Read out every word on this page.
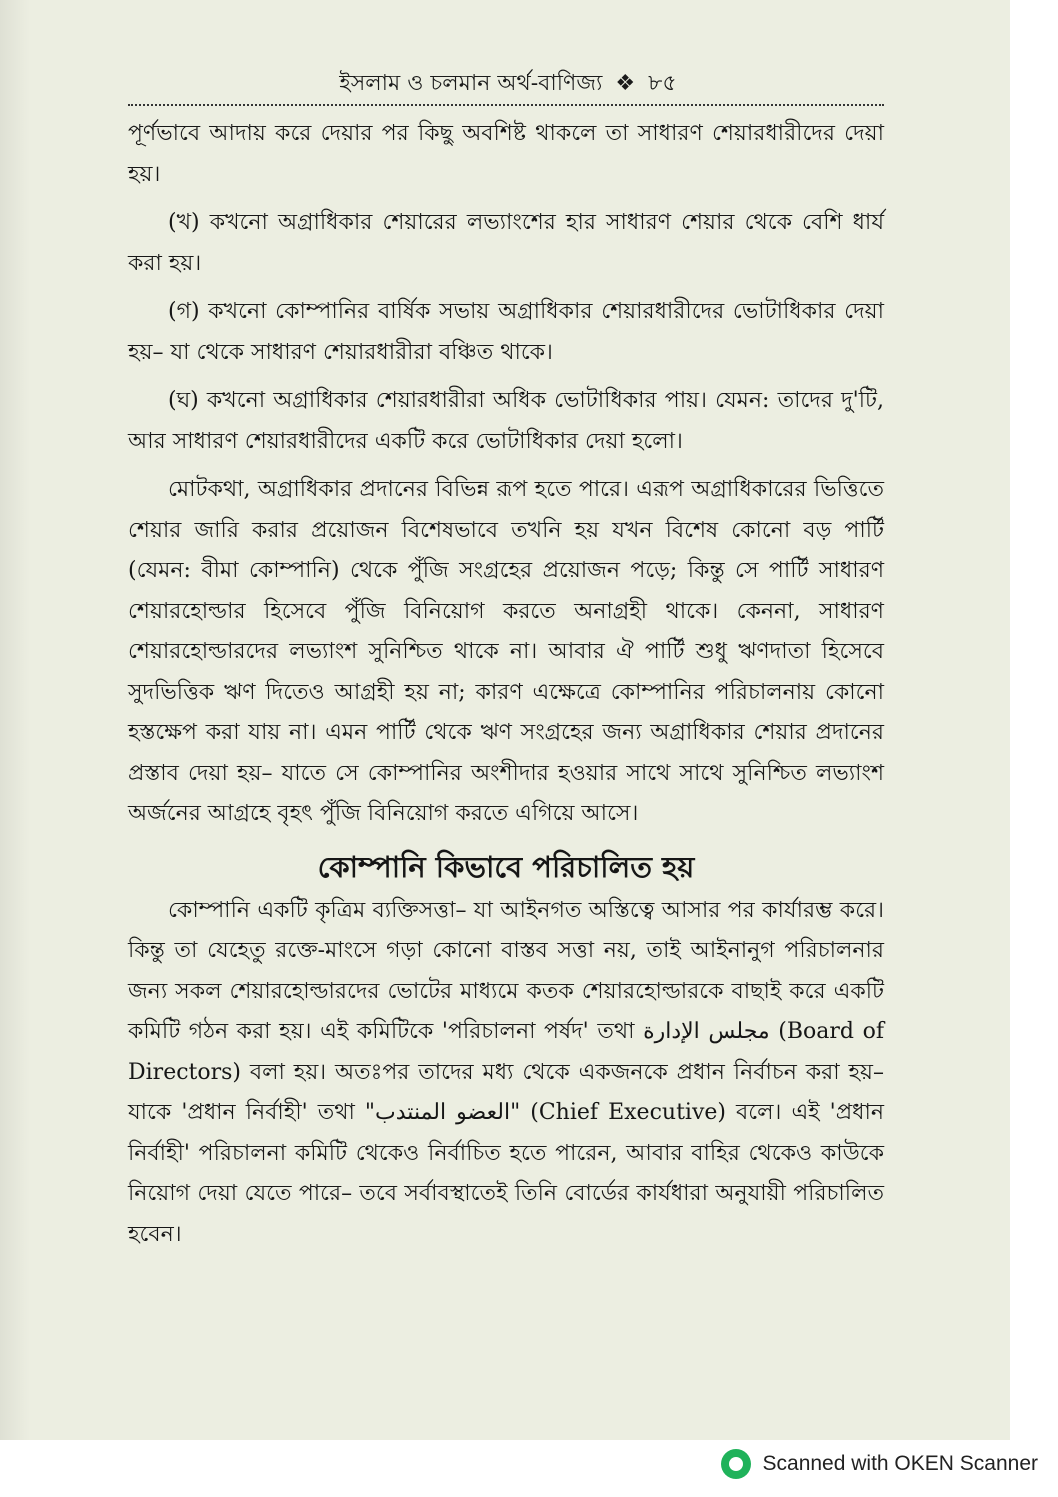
ইসলাম ও চলমান অর্থ-বাণিজ্য ❖ ৮৫

পূর্ণভাবে আদায় করে দেয়ার পর কিছু অবশিষ্ট থাকলে তা সাধারণ শেয়ারধারীদের দেয়া হয়।

(খ) কখনো অগ্রাধিকার শেয়ারের লভ্যাংশের হার সাধারণ শেয়ার থেকে বেশি ধার্য করা হয়।

(গ) কখনো কোম্পানির বার্ষিক সভায় অগ্রাধিকার শেয়ারধারীদের ভোটাধিকার দেয়া হয়– যা থেকে সাধারণ শেয়ারধারীরা বঞ্চিত থাকে।

(ঘ) কখনো অগ্রাধিকার শেয়ারধারীরা অধিক ভোটাধিকার পায়। যেমন: তাদের দু'টি, আর সাধারণ শেয়ারধারীদের একটি করে ভোটাধিকার দেয়া হলো।

মোটকথা, অগ্রাধিকার প্রদানের বিভিন্ন রূপ হতে পারে। এরূপ অগ্রাধিকারের ভিত্তিতে শেয়ার জারি করার প্রয়োজন বিশেষভাবে তখনি হয় যখন বিশেষ কোনো বড় পার্টি (যেমন: বীমা কোম্পানি) থেকে পুঁজি সংগ্রহের প্রয়োজন পড়ে; কিন্তু সে পার্টি সাধারণ শেয়ারহোল্ডার হিসেবে পুঁজি বিনিয়োগ করতে অনাগ্রহী থাকে। কেননা, সাধারণ শেয়ারহোল্ডারদের লভ্যাংশ সুনিশ্চিত থাকে না। আবার ঐ পার্টি শুধু ঋণদাতা হিসেবে সুদভিত্তিক ঋণ দিতেও আগ্রহী হয় না; কারণ এক্ষেত্রে কোম্পানির পরিচালনায় কোনো হস্তক্ষেপ করা যায় না। এমন পার্টি থেকে ঋণ সংগ্রহের জন্য অগ্রাধিকার শেয়ার প্রদানের প্রস্তাব দেয়া হয়– যাতে সে কোম্পানির অংশীদার হওয়ার সাথে সাথে সুনিশ্চিত লভ্যাংশ অর্জনের আগ্রহে বৃহৎ পুঁজি বিনিয়োগ করতে এগিয়ে আসে।

কোম্পানি কিভাবে পরিচালিত হয়

কোম্পানি একটি কৃত্রিম ব্যক্তিসত্তা– যা আইনগত অস্তিত্বে আসার পর কার্যারম্ভ করে। কিন্তু তা যেহেতু রক্তে-মাংসে গড়া কোনো বাস্তব সত্তা নয়, তাই আইনানুগ পরিচালনার জন্য সকল শেয়ারহোল্ডারদের ভোটের মাধ্যমে কতক শেয়ারহোল্ডারকে বাছাই করে একটি কমিটি গঠন করা হয়। এই কমিটিকে 'পরিচালনা পর্ষদ' তথা مجلس الإدارة (Board of Directors) বলা হয়। অতঃপর তাদের মধ্য থেকে একজনকে প্রধান নির্বাচন করা হয়– যাকে 'প্রধান নির্বাহী' তথা "العضو المنتدب" (Chief Executive) বলে। এই 'প্রধান নির্বাহী' পরিচালনা কমিটি থেকেও নির্বাচিত হতে পারেন, আবার বাহির থেকেও কাউকে নিয়োগ দেয়া যেতে পারে– তবে সর্বাবস্থাতেই তিনি বোর্ডের কার্যধারা অনুযায়ী পরিচালিত হবেন।

Scanned with OKEN Scanner
